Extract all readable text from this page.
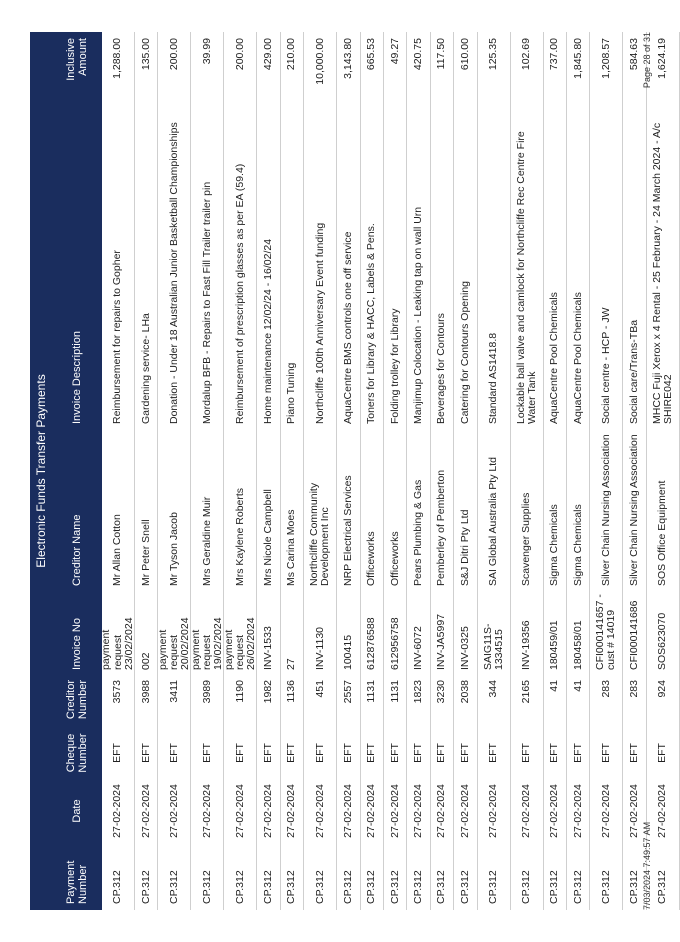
Electronic Funds Transfer Payments
Payment Number
Date
Cheque Number
Creditor Number
Invoice No
Creditor Name
Invoice Description
Inclusive Amount
CP.312
27-02-2024
EFT
3573
payment request 23/02/2024
Mr Allan Cotton
Reimbursement for repairs to Gopher
1,288.00
CP.312
27-02-2024
EFT
3988
002
Mr Peter Snell
Gardening service- LHa
135.00
CP.312
27-02-2024
EFT
3411
payment request 20/02/2024
Mr Tyson Jacob
Donation - Under 18 Australian Junior Basketball Championships
200.00
CP.312
27-02-2024
EFT
3989
payment request 19/02/2024
Mrs Geraldine Muir
Mordalup BFB - Repairs to Fast Fill Trailer trailer pin
39.99
CP.312
27-02-2024
EFT
1190
payment request 26/02/2024
Mrs Kaylene Roberts
Reimbursement of prescription glasses as per EA (59.4)
200.00
CP.312
27-02-2024
EFT
1982
INV-1533
Mrs Nicole Campbell
Home maintenance 12/02/24 - 16/02/24
429.00
CP.312
27-02-2024
EFT
1136
27
Ms Carina Moes
Piano Tuning
210.00
CP.312
27-02-2024
EFT
451
INV-1130
Northcliffe Community Development Inc
Northcliffe 100th Anniversary Event funding
10,000.00
CP.312
27-02-2024
EFT
2557
100415
NRP Electrical Services
AquaCentre BMS controls one off service
3,143.80
CP.312
27-02-2024
EFT
1131
612876588
Officeworks
Toners for Library & HACC, Labels & Pens.
665.53
CP.312
27-02-2024
EFT
1131
612956758
Officeworks
Folding trolley for Library
49.27
CP.312
27-02-2024
EFT
1823
INV-6072
Pears Plumbing & Gas
Manjimup Colocation - Leaking tap on wall Urn
420.75
CP.312
27-02-2024
EFT
3230
INV-JA5997
Pemberley of Pemberton
Beverages for Contours
117.50
CP.312
27-02-2024
EFT
2038
INV-0325
S&J Ditri Pty Ltd
Catering for Contours Opening
610.00
CP.312
27-02-2024
EFT
344
SAIG11S-1334515
SAI Global Australia Pty Ltd
Standard AS1418.8
125.35
CP.312
27-02-2024
EFT
2165
INV-19356
Scavenger Supplies
Lockable ball valve and camlock for Northcliffe Rec Centre Fire Water Tank
102.69
CP.312
27-02-2024
EFT
41
180459/01
Sigma Chemicals
AquaCentre Pool Chemicals
737.00
CP.312
27-02-2024
EFT
41
180458/01
Sigma Chemicals
AquaCentre Pool Chemicals
1,845.80
CP.312
27-02-2024
EFT
283
CFI000141657 - cust # 14019
Silver Chain Nursing Association
Social centre - HCP - JW
1,208.57
CP.312
27-02-2024
EFT
283
CFI000141686
Silver Chain Nursing Association
Social care/Trans-TBa
584.63
CP.312
27-02-2024
EFT
924
SOS623070
SOS Office Equipment
MHCC Fuji Xerox x 4 Rental - 25 February - 24 March 2024 - A/c SHIRE042
1,624.19
7/03/2024 7:49:57 AM
Page 28 of 31
